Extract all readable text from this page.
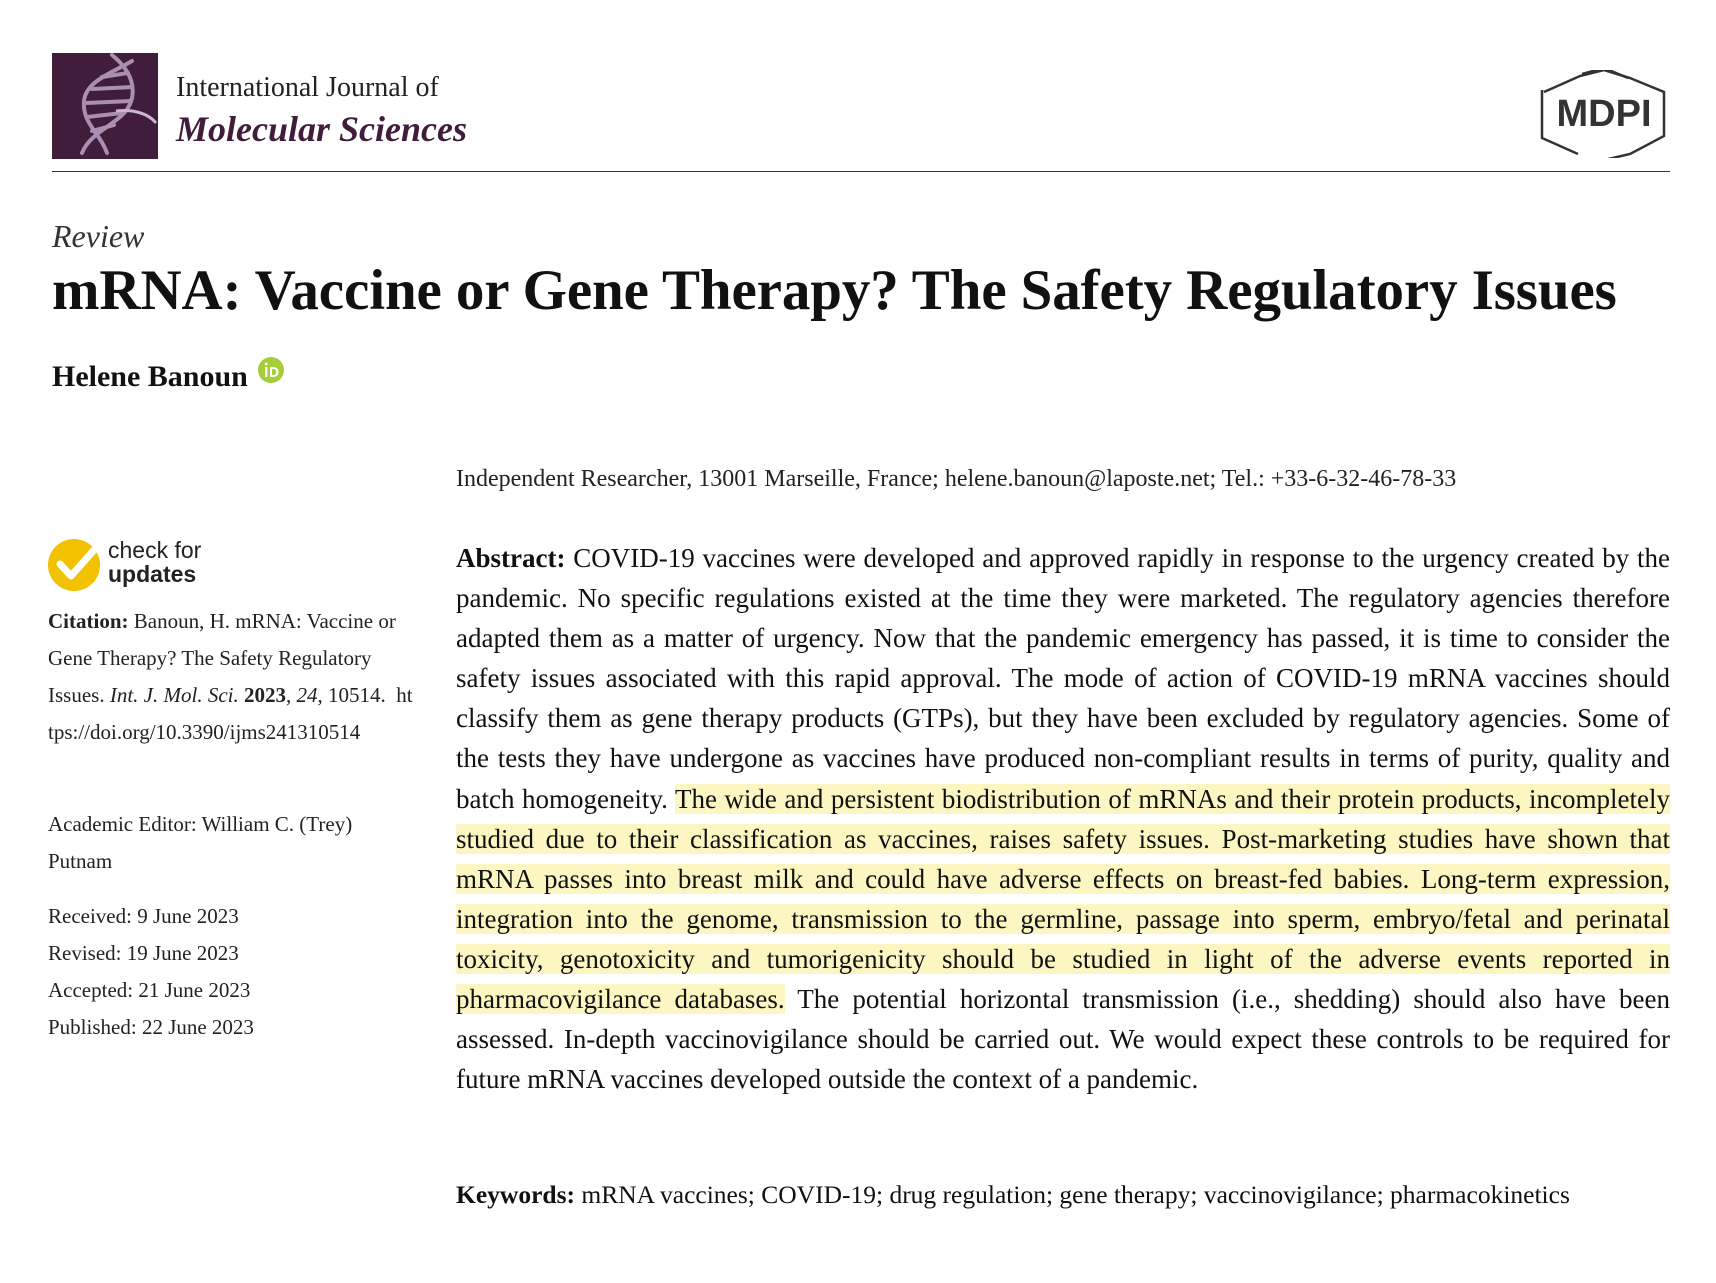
International Journal of
Molecular Sciences	MDPI
Review
mRNA: Vaccine or Gene Therapy? The Safety Regulatory Issues
Helene Banoun
Independent Researcher, 13001 Marseille, France; helene.banoun@laposte.net; Tel.: +33-6-32-46-78-33
check for
updates
Citation: Banoun, H. mRNA: Vaccine or Gene Therapy? The Safety Regulatory Issues. Int. J. Mol. Sci. 2023, 24, 10514. https://doi.org/10.3390/ijms241310514
Academic Editor: William C. (Trey) Putnam
Received: 9 June 2023
Revised: 19 June 2023
Accepted: 21 June 2023
Published: 22 June 2023
Abstract: COVID-19 vaccines were developed and approved rapidly in response to the urgency created by the pandemic. No specific regulations existed at the time they were marketed. The regulatory agencies therefore adapted them as a matter of urgency. Now that the pandemic emergency has passed, it is time to consider the safety issues associated with this rapid approval. The mode of action of COVID-19 mRNA vaccines should classify them as gene therapy products (GTPs), but they have been excluded by regulatory agencies. Some of the tests they have undergone as vaccines have produced non-compliant results in terms of purity, quality and batch homogeneity. The wide and persistent biodistribution of mRNAs and their protein products, incompletely studied due to their classification as vaccines, raises safety issues. Post-marketing studies have shown that mRNA passes into breast milk and could have adverse effects on breast-fed babies. Long-term expression, integration into the genome, transmission to the germline, passage into sperm, embryo/fetal and perinatal toxicity, genotoxicity and tumorigenicity should be studied in light of the adverse events reported in pharmacovigilance databases. The potential horizontal transmission (i.e., shedding) should also have been assessed. In-depth vaccinovigilance should be carried out. We would expect these controls to be required for future mRNA vaccines developed outside the context of a pandemic.
Keywords: mRNA vaccines; COVID-19; drug regulation; gene therapy; vaccinovigilance; pharmacokinetics
